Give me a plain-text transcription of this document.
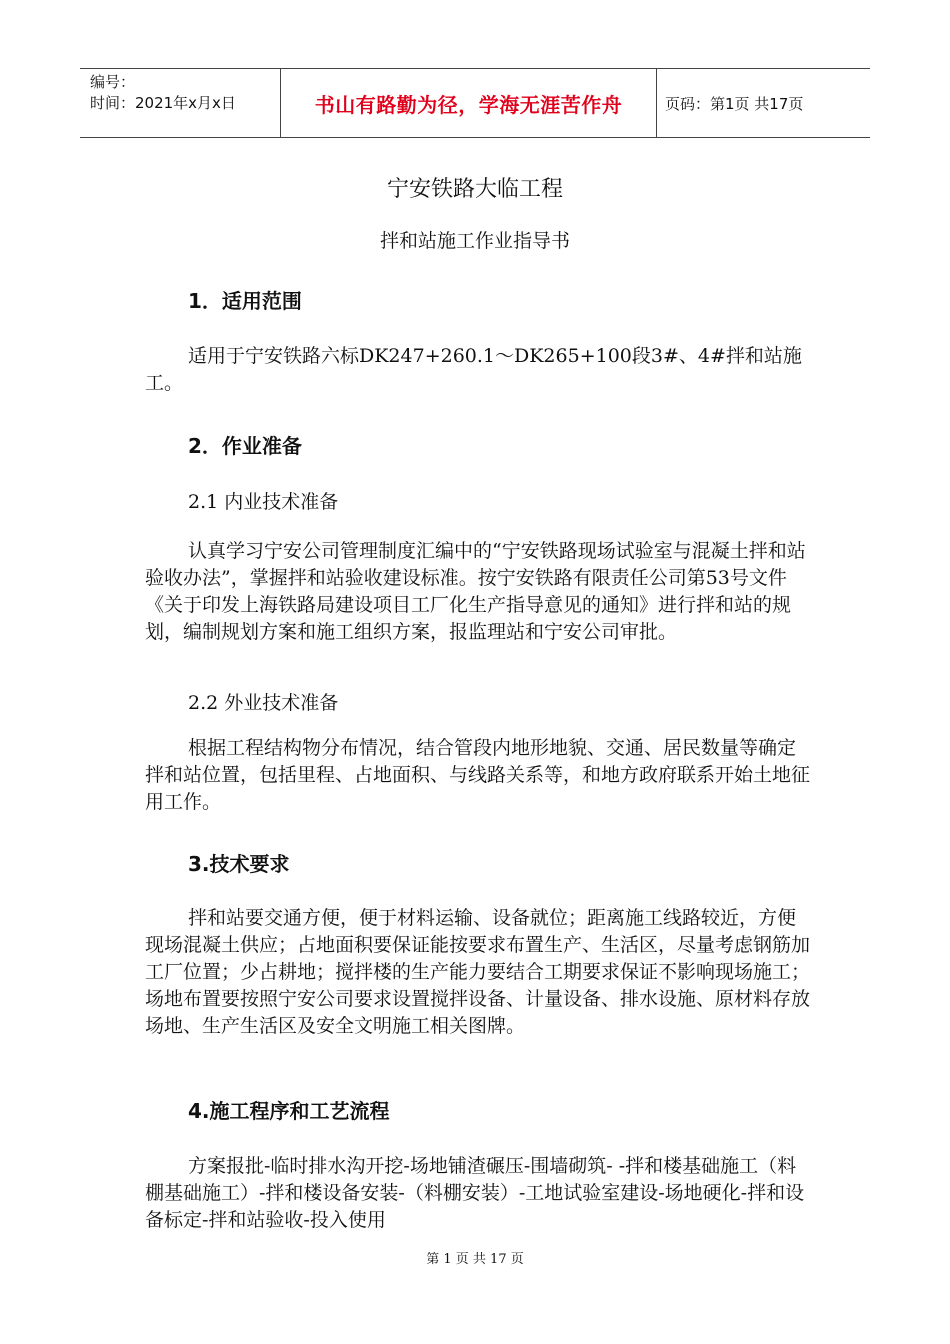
编号：
时间：2021年x月x日	书山有路勤为径，学海无涯苦作舟	页码：第1页 共17页
宁安铁路大临工程
拌和站施工作业指导书
1．适用范围
适用于宁安铁路六标DK247+260.1～DK265+100段3#、4#拌和站施工。
2．作业准备
2.1 内业技术准备
认真学习宁安公司管理制度汇编中的“宁安铁路现场试验室与混凝土拌和站验收办法”，掌握拌和站验收建设标准。按宁安铁路有限责任公司第53号文件《关于印发上海铁路局建设项目工厂化生产指导意见的通知》进行拌和站的规划，编制规划方案和施工组织方案，报监理站和宁安公司审批。
2.2 外业技术准备
根据工程结构物分布情况，结合管段内地形地貌、交通、居民数量等确定拌和站位置，包括里程、占地面积、与线路关系等，和地方政府联系开始土地征用工作。
3.技术要求
拌和站要交通方便，便于材料运输、设备就位；距离施工线路较近，方便现场混凝土供应；占地面积要保证能按要求布置生产、生活区，尽量考虑钢筋加工厂位置；少占耕地；搅拌楼的生产能力要结合工期要求保证不影响现场施工；场地布置要按照宁安公司要求设置搅拌设备、计量设备、排水设施、原材料存放场地、生产生活区及安全文明施工相关图牌。
4.施工程序和工艺流程
方案报批-临时排水沟开挖-场地铺渣碾压-围墙砌筑- -拌和楼基础施工（料棚基础施工）-拌和楼设备安装-（料棚安装）-工地试验室建设-场地硬化-拌和设备标定-拌和站验收-投入使用
第 1 页 共 17 页
